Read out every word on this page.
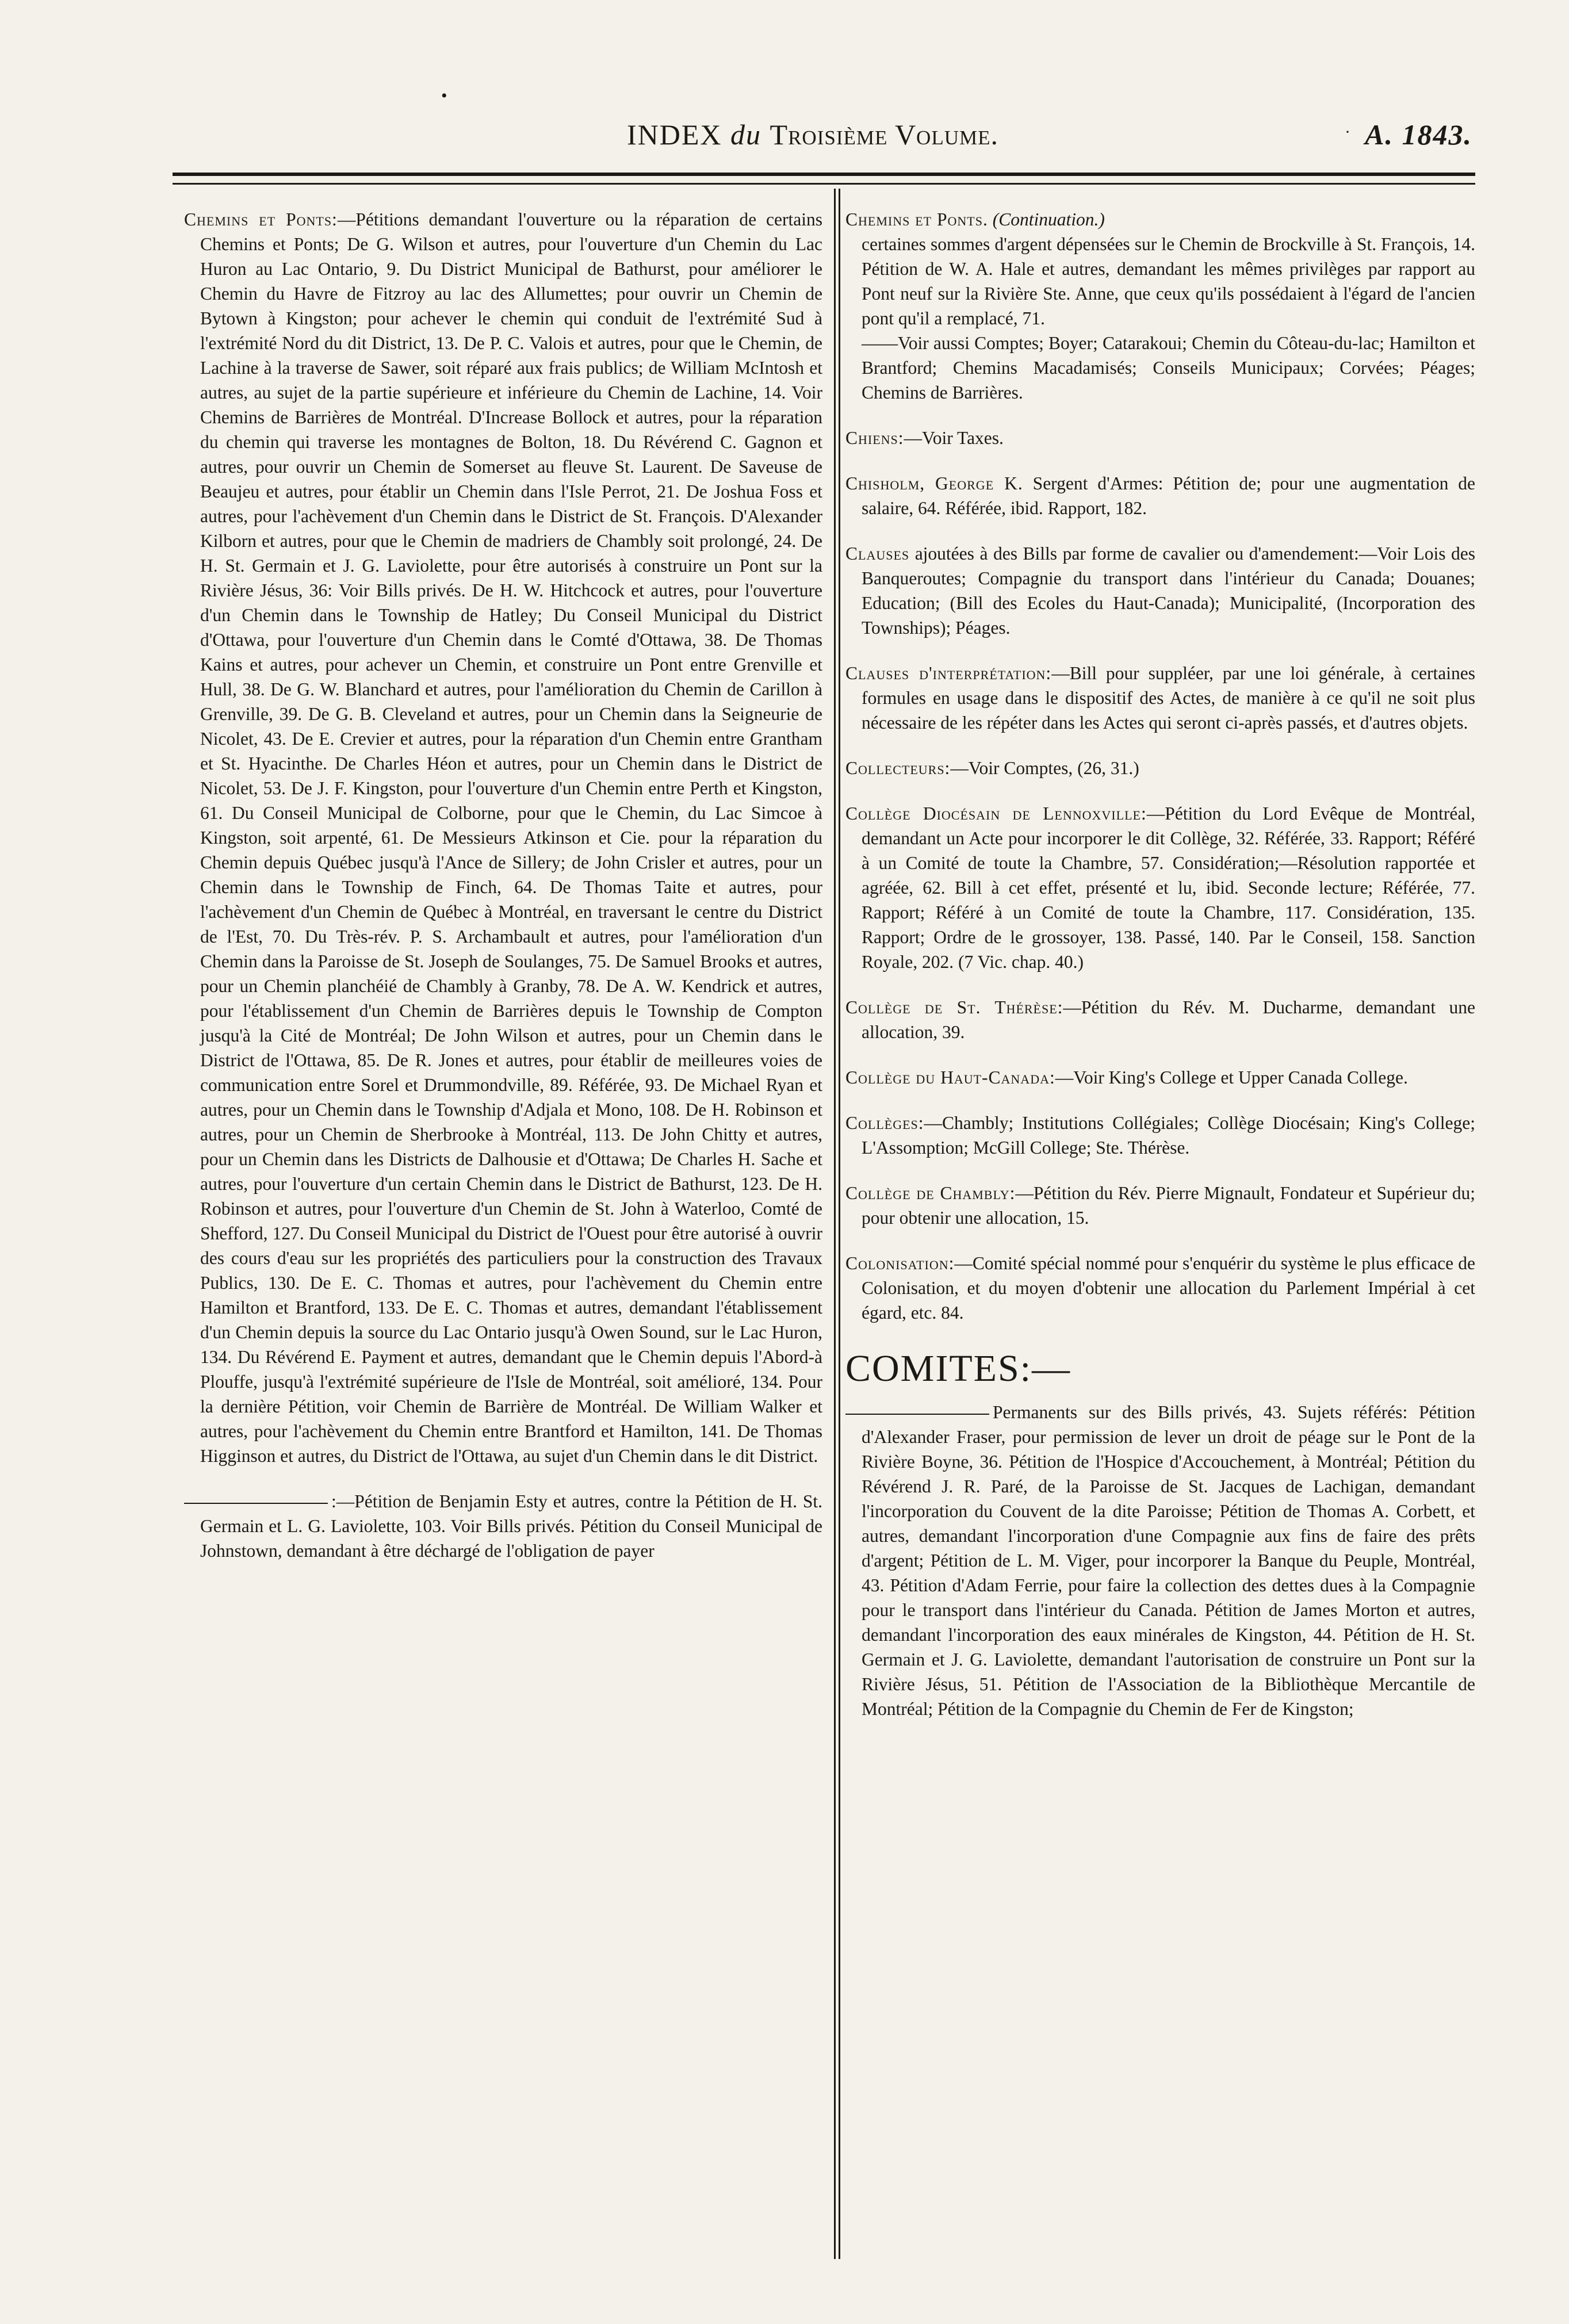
•
INDEX du Troisième Volume.	· A. 1843.

Chemins et Ponts:—Pétitions demandant l'ouverture ou la réparation de certains Chemins et Ponts; De G. Wilson et autres, pour l'ouverture d'un Chemin du Lac Huron au Lac Ontario, 9. Du District Municipal de Bathurst, pour améliorer le Chemin du Havre de Fitzroy au lac des Allumettes; pour ouvrir un Chemin de Bytown à Kingston; pour achever le chemin qui conduit de l'extrémité Sud à l'extrémité Nord du dit District, 13. De P. C. Valois et autres, pour que le Chemin, de Lachine à la traverse de Sawer, soit réparé aux frais publics; de William McIntosh et autres, au sujet de la partie supérieure et inférieure du Chemin de Lachine, 14. Voir Chemins de Barrières de Montréal. D'Increase Bollock et autres, pour la réparation du chemin qui traverse les montagnes de Bolton, 18. Du Révérend C. Gagnon et autres, pour ouvrir un Chemin de Somerset au fleuve St. Laurent. De Saveuse de Beaujeu et autres, pour établir un Chemin dans l'Isle Perrot, 21. De Joshua Foss et autres, pour l'achèvement d'un Chemin dans le District de St. François. D'Alexander Kilborn et autres, pour que le Chemin de madriers de Chambly soit prolongé, 24. De H. St. Germain et J. G. Laviolette, pour être autorisés à construire un Pont sur la Rivière Jésus, 36: Voir Bills privés. De H. W. Hitchcock et autres, pour l'ouverture d'un Chemin dans le Township de Hatley; Du Conseil Municipal du District d'Ottawa, pour l'ouverture d'un Chemin dans le Comté d'Ottawa, 38. De Thomas Kains et autres, pour achever un Chemin, et construire un Pont entre Grenville et Hull, 38. De G. W. Blanchard et autres, pour l'amélioration du Chemin de Carillon à Grenville, 39. De G. B. Cleveland et autres, pour un Chemin dans la Seigneurie de Nicolet, 43. De E. Crevier et autres, pour la réparation d'un Chemin entre Grantham et St. Hyacinthe. De Charles Héon et autres, pour un Chemin dans le District de Nicolet, 53. De J. F. Kingston, pour l'ouverture d'un Chemin entre Perth et Kingston, 61. Du Conseil Municipal de Colborne, pour que le Chemin, du Lac Simcoe à Kingston, soit arpenté, 61. De Messieurs Atkinson et Cie. pour la réparation du Chemin depuis Québec jusqu'à l'Ance de Sillery; de John Crisler et autres, pour un Chemin dans le Township de Finch, 64. De Thomas Taite et autres, pour l'achèvement d'un Chemin de Québec à Montréal, en traversant le centre du District de l'Est, 70. Du Très-rév. P. S. Archambault et autres, pour l'amélioration d'un Chemin dans la Paroisse de St. Joseph de Soulanges, 75. De Samuel Brooks et autres, pour un Chemin planchéié de Chambly à Granby, 78. De A. W. Kendrick et autres, pour l'établissement d'un Chemin de Barrières depuis le Township de Compton jusqu'à la Cité de Montréal; De John Wilson et autres, pour un Chemin dans le District de l'Ottawa, 85. De R. Jones et autres, pour établir de meilleures voies de communication entre Sorel et Drummondville, 89. Référée, 93. De Michael Ryan et autres, pour un Chemin dans le Township d'Adjala et Mono, 108. De H. Robinson et autres, pour un Chemin de Sherbrooke à Montréal, 113. De John Chitty et autres, pour un Chemin dans les Districts de Dalhousie et d'Ottawa; De Charles H. Sache et autres, pour l'ouverture d'un certain Chemin dans le District de Bathurst, 123. De H. Robinson et autres, pour l'ouverture d'un Chemin de St. John à Waterloo, Comté de Shefford, 127. Du Conseil Municipal du District de l'Ouest pour être autorisé à ouvrir des cours d'eau sur les propriétés des particuliers pour la construction des Travaux Publics, 130. De E. C. Thomas et autres, pour l'achèvement du Chemin entre Hamilton et Brantford, 133. De E. C. Thomas et autres, demandant l'établissement d'un Chemin depuis la source du Lac Ontario jusqu'à Owen Sound, sur le Lac Huron, 134. Du Révérend E. Payment et autres, demandant que le Chemin depuis l'Abord-à Plouffe, jusqu'à l'extrémité supérieure de l'Isle de Montréal, soit amélioré, 134. Pour la dernière Pétition, voir Chemin de Barrière de Montréal. De William Walker et autres, pour l'achèvement du Chemin entre Brantford et Hamilton, 141. De Thomas Higginson et autres, du District de l'Ottawa, au sujet d'un Chemin dans le dit District.

:—Pétition de Benjamin Esty et autres, contre la Pétition de H. St. Germain et L. G. Laviolette, 103. Voir Bills privés. Pétition du Conseil Municipal de Johnstown, demandant à être déchargé de l'obligation de payer

Chemins et Ponts. (Continuation.)
certaines sommes d'argent dépensées sur le Chemin de Brockville à St. François, 14. Pétition de W. A. Hale et autres, demandant les mêmes privilèges par rapport au Pont neuf sur la Rivière Ste. Anne, que ceux qu'ils possédaient à l'égard de l'ancien pont qu'il a remplacé, 71.
——Voir aussi Comptes; Boyer; Catarakoui; Chemin du Côteau-du-lac; Hamilton et Brantford; Chemins Macadamisés; Conseils Municipaux; Corvées; Péages; Chemins de Barrières.

Chiens:—Voir Taxes.

Chisholm, George K. Sergent d'Armes: Pétition de; pour une augmentation de salaire, 64. Référée, ibid. Rapport, 182.

Clauses ajoutées à des Bills par forme de cavalier ou d'amendement:—Voir Lois des Banqueroutes; Compagnie du transport dans l'intérieur du Canada; Douanes; Education; (Bill des Ecoles du Haut-Canada); Municipalité, (Incorporation des Townships); Péages.

Clauses d'interprétation:—Bill pour suppléer, par une loi générale, à certaines formules en usage dans le dispositif des Actes, de manière à ce qu'il ne soit plus nécessaire de les répéter dans les Actes qui seront ci-après passés, et d'autres objets.

Collecteurs:—Voir Comptes, (26, 31.)

Collège Diocésain de Lennoxville:—Pétition du Lord Evêque de Montréal, demandant un Acte pour incorporer le dit Collège, 32. Référée, 33. Rapport; Référé à un Comité de toute la Chambre, 57. Considération;—Résolution rapportée et agréée, 62. Bill à cet effet, présenté et lu, ibid. Seconde lecture; Référée, 77. Rapport; Référé à un Comité de toute la Chambre, 117. Considération, 135. Rapport; Ordre de le grossoyer, 138. Passé, 140. Par le Conseil, 158. Sanction Royale, 202. (7 Vic. chap. 40.)

Collège de St. Thérèse:—Pétition du Rév. M. Ducharme, demandant une allocation, 39.

Collège du Haut-Canada:—Voir King's College et Upper Canada College.

Collèges:—Chambly; Institutions Collégiales; Collège Diocésain; King's College; L'Assomption; McGill College; Ste. Thérèse.

Collège de Chambly:—Pétition du Rév. Pierre Mignault, Fondateur et Supérieur du; pour obtenir une allocation, 15.

Colonisation:—Comité spécial nommé pour s'enquérir du système le plus efficace de Colonisation, et du moyen d'obtenir une allocation du Parlement Impérial à cet égard, etc. 84.

COMITES:—

Permanents sur des Bills privés, 43. Sujets référés: Pétition d'Alexander Fraser, pour permission de lever un droit de péage sur le Pont de la Rivière Boyne, 36. Pétition de l'Hospice d'Accouchement, à Montréal; Pétition du Révérend J. R. Paré, de la Paroisse de St. Jacques de Lachigan, demandant l'incorporation du Couvent de la dite Paroisse; Pétition de Thomas A. Corbett, et autres, demandant l'incorporation d'une Compagnie aux fins de faire des prêts d'argent; Pétition de L. M. Viger, pour incorporer la Banque du Peuple, Montréal, 43. Pétition d'Adam Ferrie, pour faire la collection des dettes dues à la Compagnie pour le transport dans l'intérieur du Canada. Pétition de James Morton et autres, demandant l'incorporation des eaux minérales de Kingston, 44. Pétition de H. St. Germain et J. G. Laviolette, demandant l'autorisation de construire un Pont sur la Rivière Jésus, 51. Pétition de l'Association de la Bibliothèque Mercantile de Montréal; Pétition de la Compagnie du Chemin de Fer de Kingston;
